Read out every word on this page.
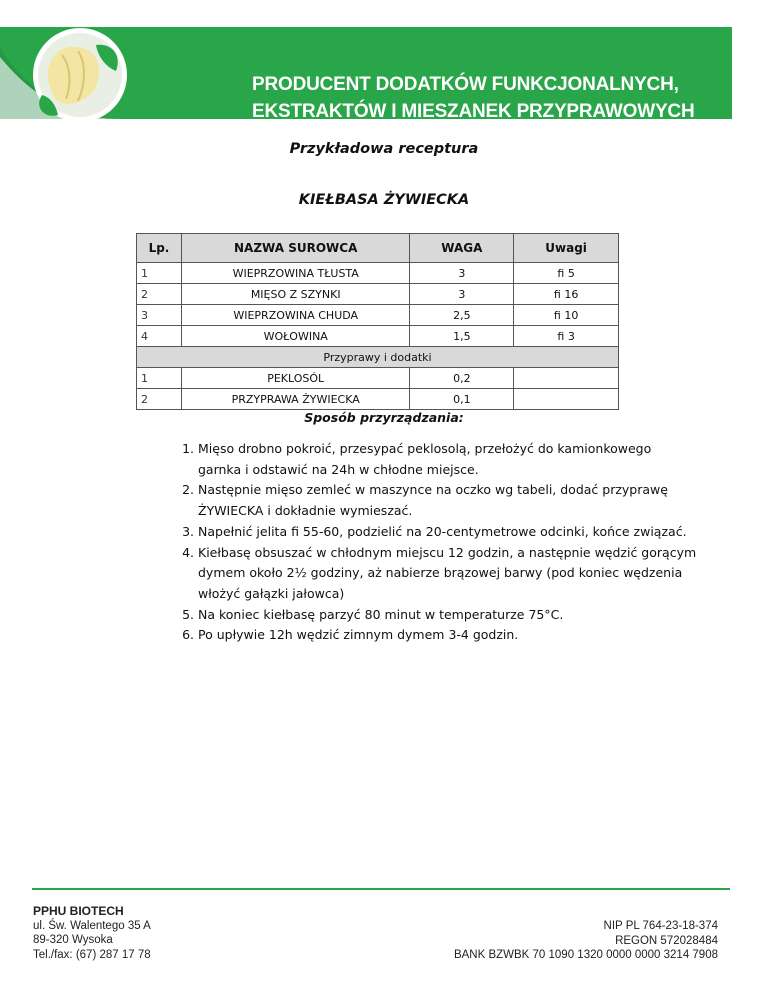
PRODUCENT DODATKÓW FUNKCJONALNYCH,
EKSTRAKTÓW I MIESZANEK PRZYPRAWOWYCH
Przykładowa receptura
KIEŁBASA ŻYWIECKA
Lp.	NAZWA SUROWCA	WAGA	Uwagi
1	WIEPRZOWINA TŁUSTA	3	fi 5
2	MIĘSO Z SZYNKI	3	fi 16
3	WIEPRZOWINA CHUDA	2,5	fi 10
4	WOŁOWINA	1,5	fi 3
Przyprawy i dodatki			
1	PEKLOSÓL	0,2	
2	PRZYPRAWA ŻYWIECKA	0,1	
Sposób przyrządzania:
1. Mięso drobno pokroić, przesypać peklosolą, przełożyć do kamionkowego garnka i odstawić na 24h w chłodne miejsce.
2. Następnie mięso zemleć w maszynce na oczko wg tabeli, dodać przyprawę ŻYWIECKA i dokładnie wymieszać.
3. Napełnić jelita fi 55-60, podzielić na 20-centymetrowe odcinki, końce związać.
4. Kiełbasę obsuszać w chłodnym miejscu 12 godzin, a następnie wędzić gorącym dymem około 2½ godziny, aż nabierze brązowej barwy (pod koniec wędzenia włożyć gałązki jałowca)
5. Na koniec kiełbasę parzyć 80 minut w temperaturze 75°C.
6. Po upływie 12h wędzić zimnym dymem 3-4 godzin.
PPHU BIOTECH
ul. Św. Walentego 35 A
89-320 Wysoka
Tel./fax: (67) 287 17 78
NIP PL 764-23-18-374
REGON 572028484
BANK BZWBK 70 1090 1320 0000 0000 3214 7908
